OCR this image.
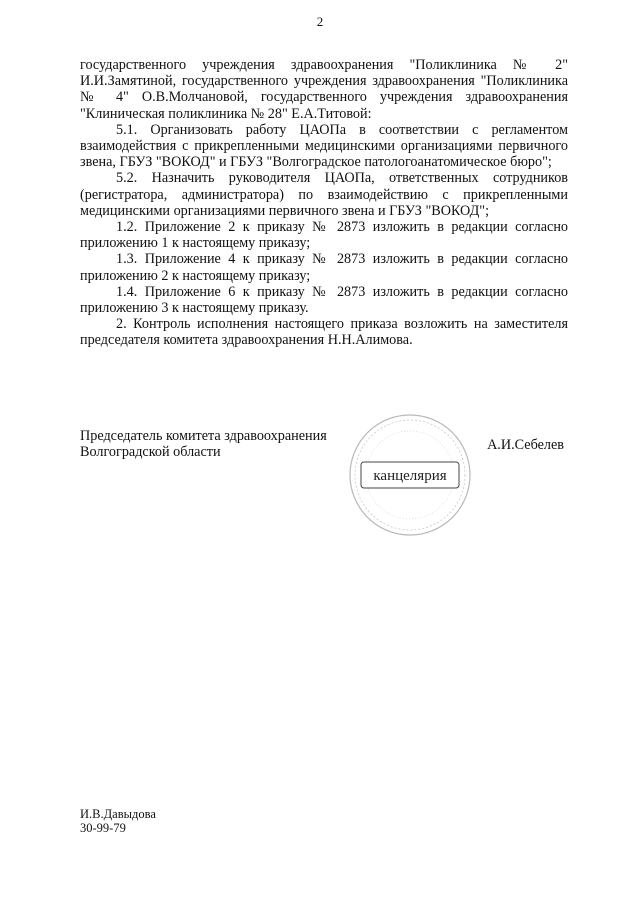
2

государственного учреждения здравоохранения "Поликлиника № 2" И.И.Замятиной, государственного учреждения здравоохранения "Поликлиника № 4" О.В.Молчановой, государственного учреждения здравоохранения "Клиническая поликлиника № 28" Е.А.Титовой:

5.1. Организовать работу ЦАОПа в соответствии с регламентом взаимодействия с прикрепленными медицинскими организациями первичного звена, ГБУЗ "ВОКОД" и ГБУЗ "Волгоградское патологоанатомическое бюро";

5.2. Назначить руководителя ЦАОПа, ответственных сотрудников (регистратора, администратора) по взаимодействию с прикрепленными медицинскими организациями первичного звена и ГБУЗ "ВОКОД";

1.2. Приложение 2 к приказу № 2873 изложить в редакции согласно приложению 1 к настоящему приказу;

1.3. Приложение 4 к приказу № 2873 изложить в редакции согласно приложению 2 к настоящему приказу;

1.4. Приложение 6 к приказу № 2873 изложить в редакции согласно приложению 3 к настоящему приказу.

2. Контроль исполнения настоящего приказа возложить на заместителя председателя комитета здравоохранения Н.Н.Алимова.

Председатель комитета здравоохранения
Волгоградской области
канцелярия
А.И.Себелев
И.В.Давыдова
30-99-79
